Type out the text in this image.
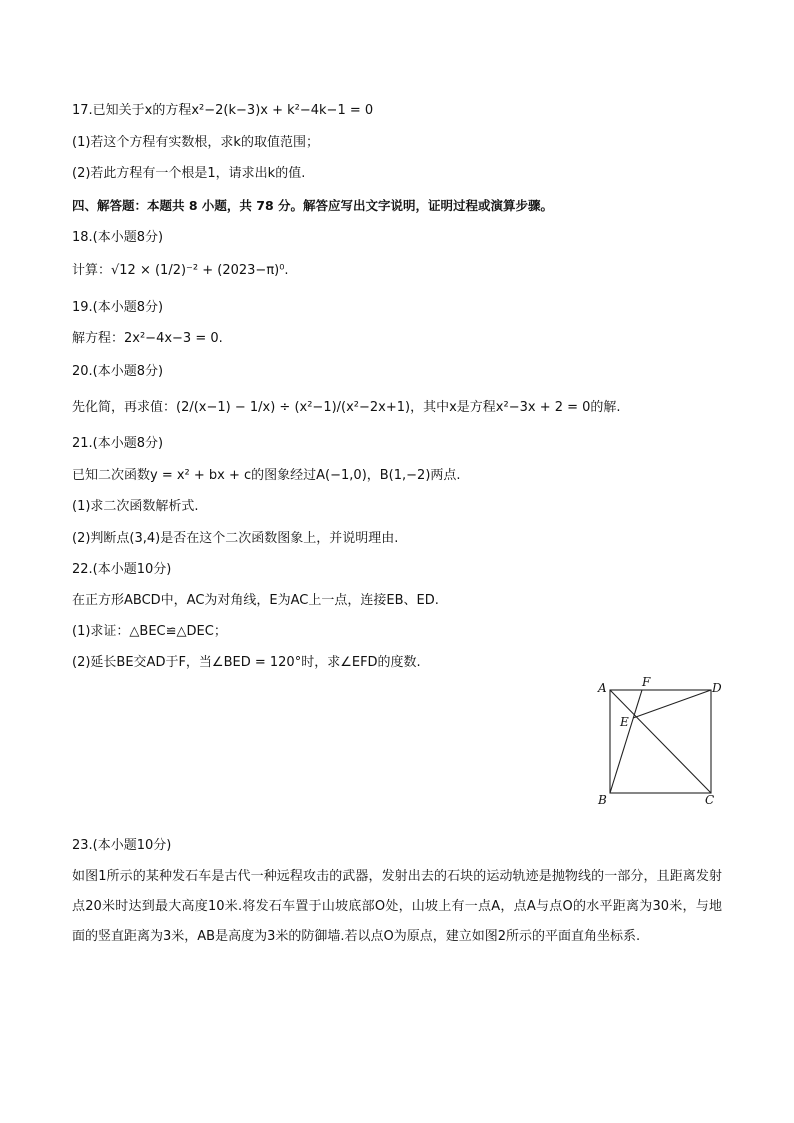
17.已知关于x的方程x²−2(k−3)x + k²−4k−1 = 0
(1)若这个方程有实数根，求k的取值范围；
(2)若此方程有一个根是1，请求出k的值.
四、解答题：本题共 8 小题，共 78 分。解答应写出文字说明，证明过程或演算步骤。
18.(本小题8分)
计算：√12 × (1/2)⁻² + (2023−π)⁰.
19.(本小题8分)
解方程：2x²−4x−3 = 0.
20.(本小题8分)
先化简，再求值：(2/(x−1) − 1/x) ÷ (x²−1)/(x²−2x+1)，其中x是方程x²−3x + 2 = 0的解.
21.(本小题8分)
已知二次函数y = x² + bx + c的图象经过A(−1,0)，B(1,−2)两点.
(1)求二次函数解析式.
(2)判断点(3,4)是否在这个二次函数图象上，并说明理由.
22.(本小题10分)
在正方形ABCD中，AC为对角线，E为AC上一点，连接EB、ED.
(1)求证：△BEC≌△DEC；
(2)延长BE交AD于F，当∠BED = 120°时，求∠EFD的度数.
A	F	D
E
B	C
23.(本小题10分)
如图1所示的某种发石车是古代一种远程攻击的武器，发射出去的石块的运动轨迹是抛物线的一部分，且距离发射点20米时达到最大高度10米.将发石车置于山坡底部O处，山坡上有一点A，点A与点O的水平距离为30米，与地面的竖直距离为3米，AB是高度为3米的防御墙.若以点O为原点，建立如图2所示的平面直角坐标系.
